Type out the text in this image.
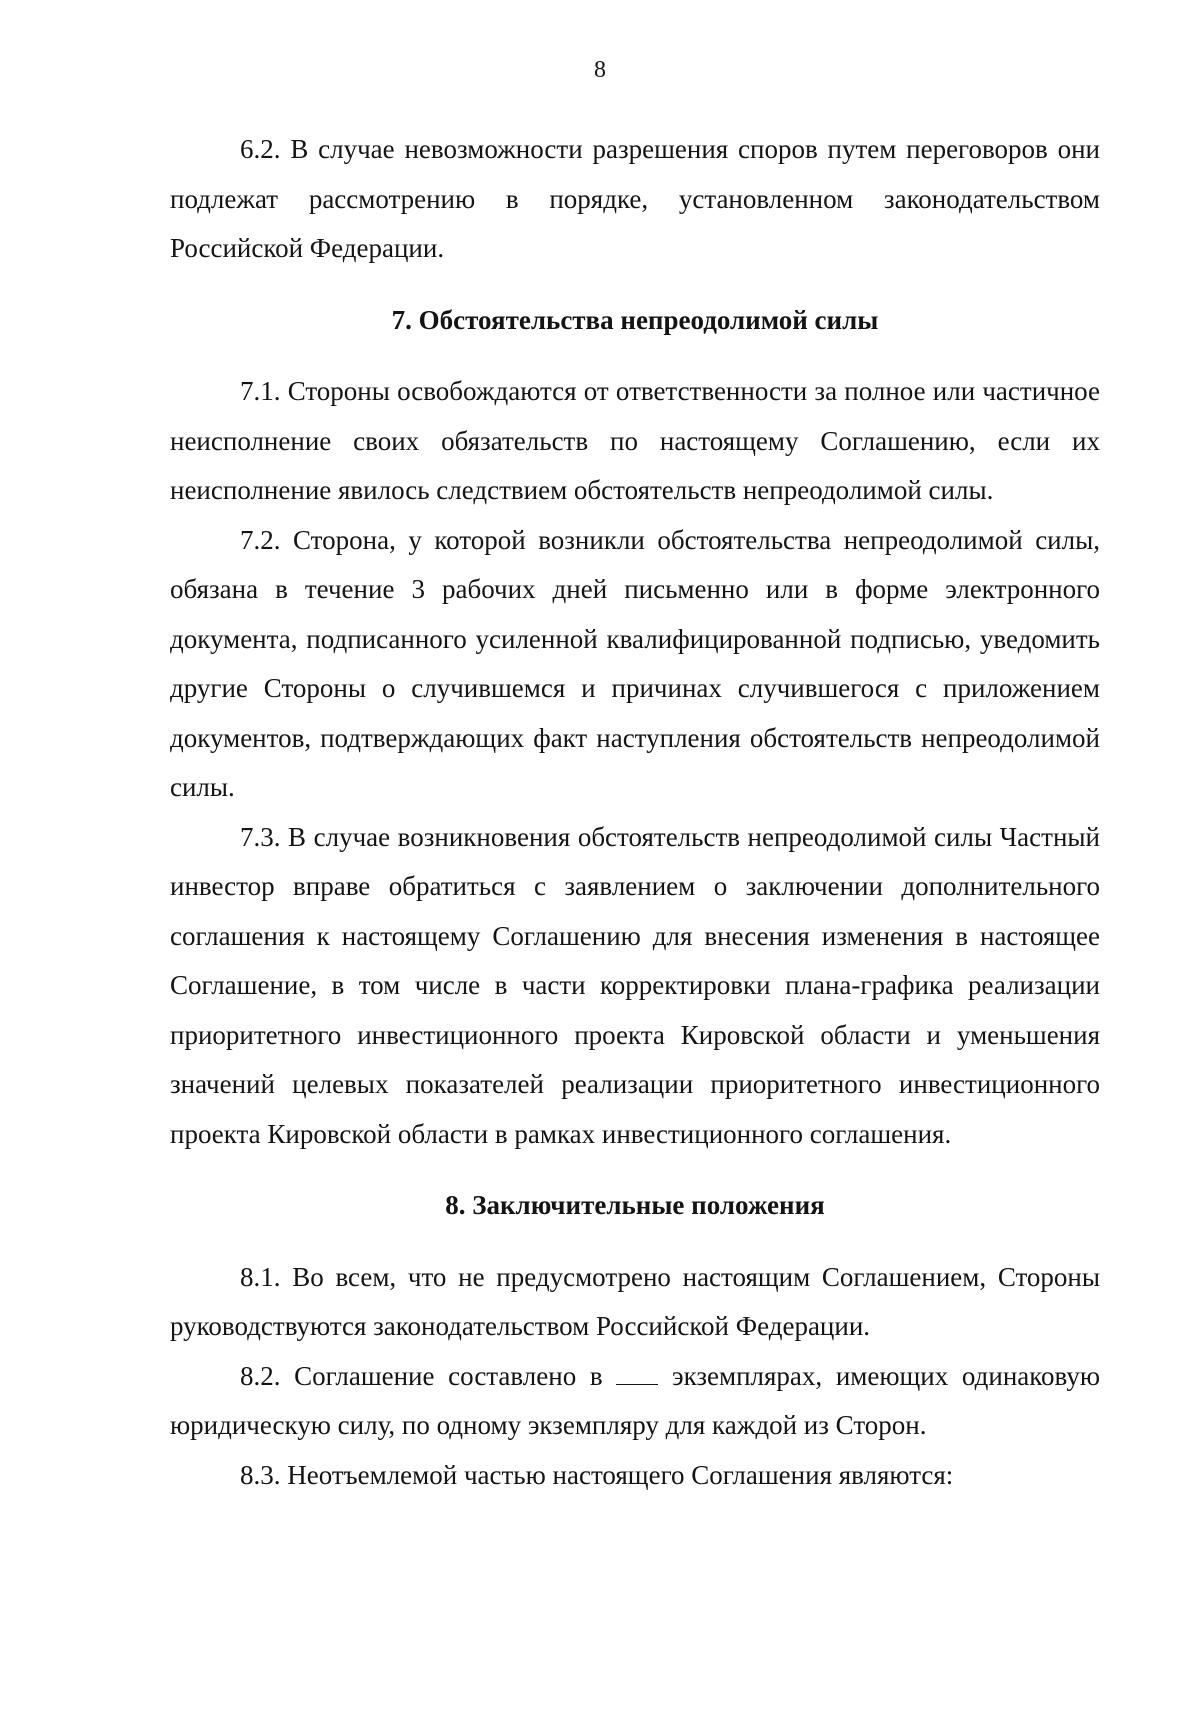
8

6.2. В случае невозможности разрешения споров путем переговоров они подлежат рассмотрению в порядке, установленном законодательством Российской Федерации.

7. Обстоятельства непреодолимой силы

7.1. Стороны освобождаются от ответственности за полное или частичное неисполнение своих обязательств по настоящему Соглашению, если их неисполнение явилось следствием обстоятельств непреодолимой силы.

7.2. Сторона, у которой возникли обстоятельства непреодолимой силы, обязана в течение 3 рабочих дней письменно или в форме электронного документа, подписанного усиленной квалифицированной подписью, уведомить другие Стороны о случившемся и причинах случившегося с приложением документов, подтверждающих факт наступления обстоятельств непреодолимой силы.

7.3. В случае возникновения обстоятельств непреодолимой силы Частный инвестор вправе обратиться с заявлением о заключении дополнительного соглашения к настоящему Соглашению для внесения изменения в настоящее Соглашение, в том числе в части корректировки плана-графика реализации приоритетного инвестиционного проекта Кировской области и уменьшения значений целевых показателей реализации приоритетного инвестиционного проекта Кировской области в рамках инвестиционного соглашения.

8. Заключительные положения

8.1. Во всем, что не предусмотрено настоящим Соглашением, Стороны руководствуются законодательством Российской Федерации.

8.2. Соглашение составлено в	экземплярах, имеющих одинаковую юридическую силу, по одному экземпляру для каждой из Сторон.

8.3. Неотъемлемой частью настоящего Соглашения являются:
